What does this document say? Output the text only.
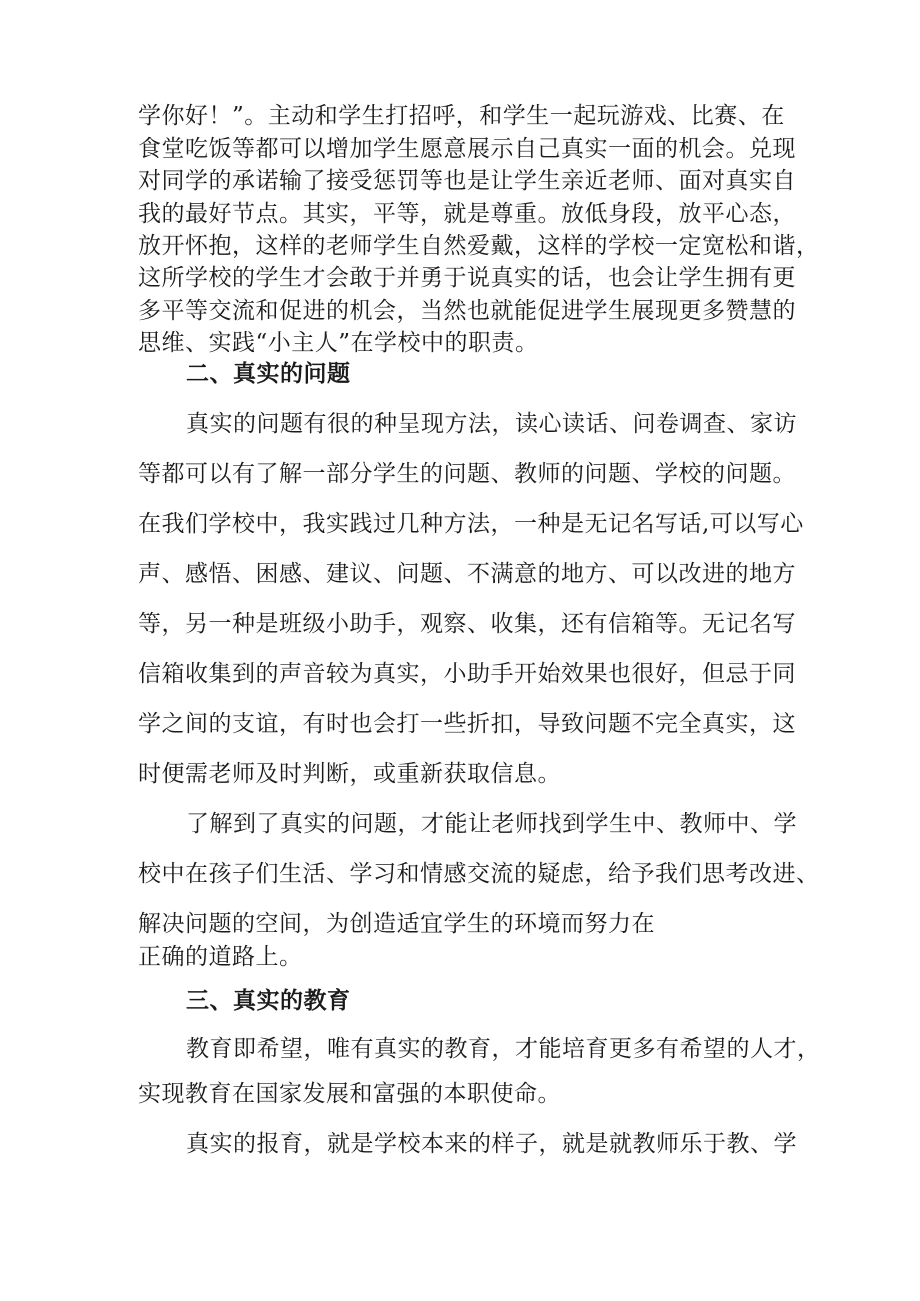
学你好！”。主动和学生打招呼，和学生一起玩游戏、比赛、在
食堂吃饭等都可以增加学生愿意展示自己真实一面的机会。兑现
对同学的承诺输了接受惩罚等也是让学生亲近老师、面对真实自
我的最好节点。其实，平等，就是尊重。放低身段，放平心态，
放开怀抱，这样的老师学生自然爱戴，这样的学校一定宽松和谐，
这所学校的学生才会敢于并勇于说真实的话，也会让学生拥有更
多平等交流和促进的机会，当然也就能促进学生展现更多赞慧的
思维、实践“小主人”在学校中的职责。
二、真实的问题
真实的问题有很的种呈现方法，读心读话、问卷调查、家访
等都可以有了解一部分学生的问题、教师的问题、学校的问题。
在我们学校中，我实践过几种方法，一种是无记名写话,可以写心
声、感悟、困感、建议、问题、不满意的地方、可以改进的地方
等，另一种是班级小助手，观察、收集，还有信箱等。无记名写
信箱收集到的声音较为真实，小助手开始效果也很好，但忌于同
学之间的支谊，有时也会打一些折扣，导致问题不完全真实，这
时便需老师及时判断，或重新获取信息。
了解到了真实的问题，才能让老师找到学生中、教师中、学
校中在孩子们生活、学习和情感交流的疑虑，给予我们思考改进、
解决问题的空间，为创造适宜学生的环境而努力在
正确的道路上。
三、真实的教育
教育即希望，唯有真实的教育，才能培育更多有希望的人才，
实现教育在国家发展和富强的本职使命。
真实的报育，就是学校本来的样子，就是就教师乐于教、学
